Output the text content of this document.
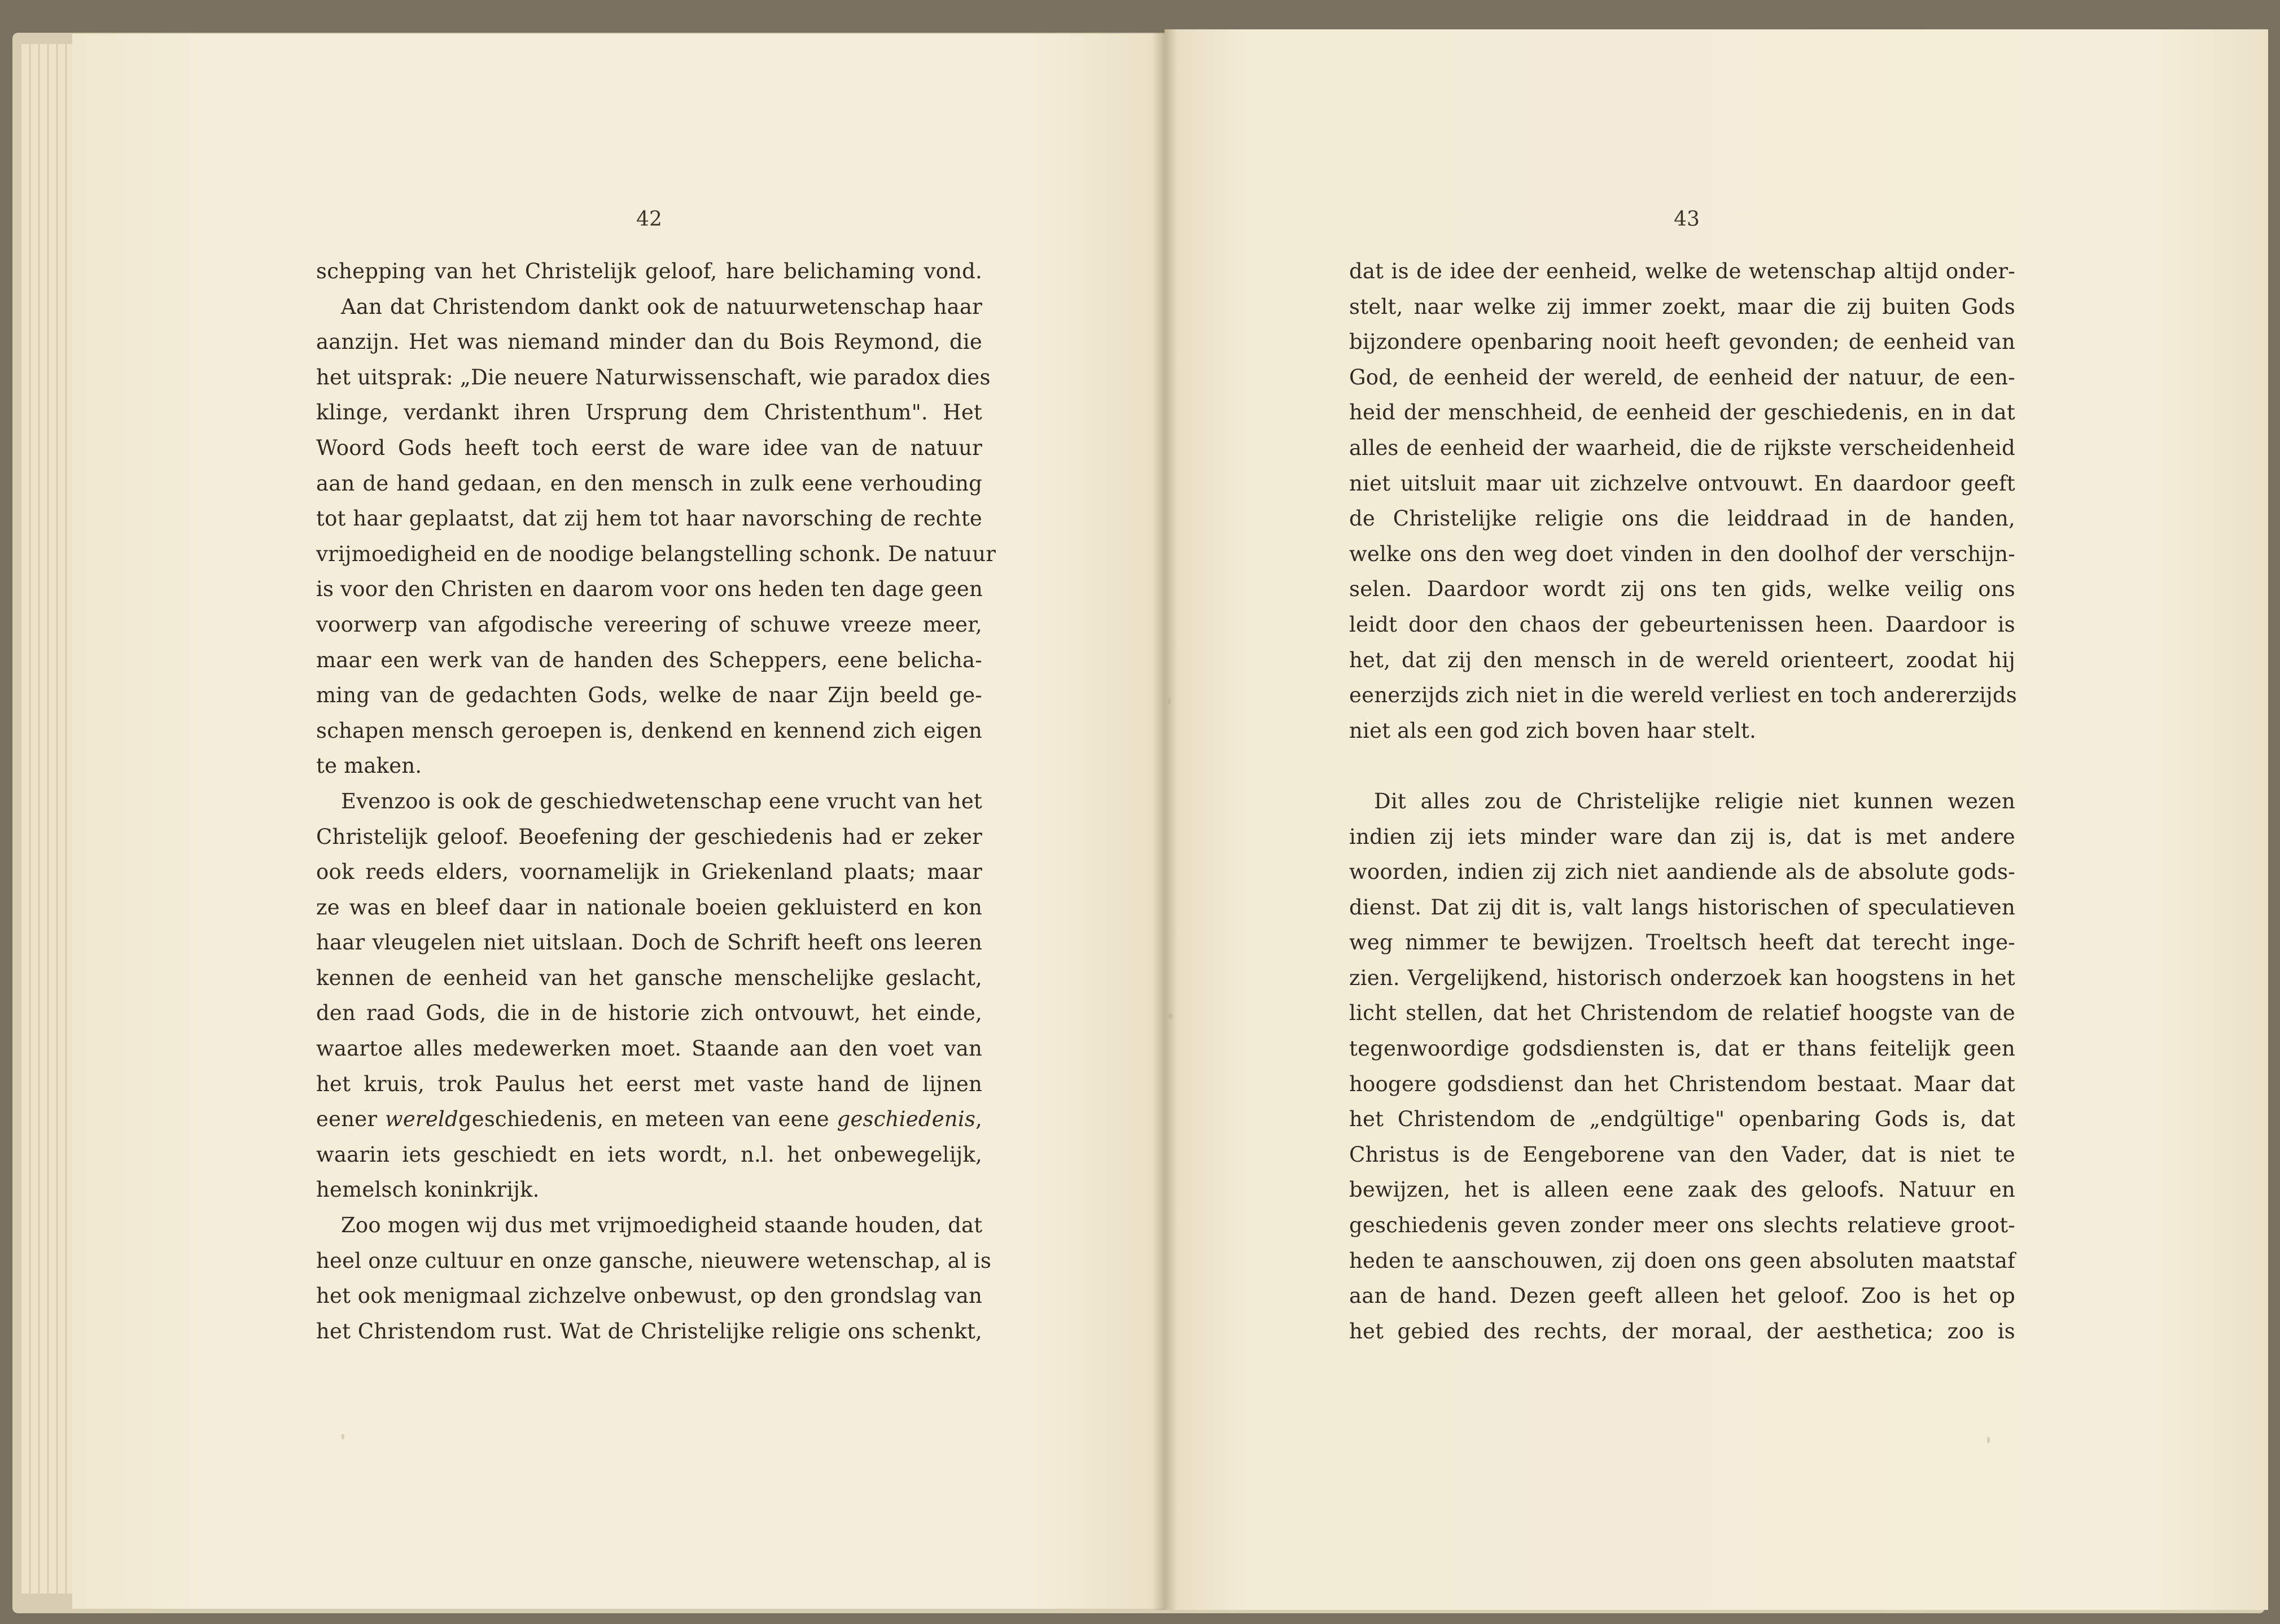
42	43
schepping van het Christelijk geloof, hare belichaming vond.
Aan dat Christendom dankt ook de natuurwetenschap haar
aanzijn. Het was niemand minder dan du Bois Reymond, die
het uitsprak: „Die neuere Naturwissenschaft, wie paradox dies
klinge, verdankt ihren Ursprung dem Christenthum". Het
Woord Gods heeft toch eerst de ware idee van de natuur
aan de hand gedaan, en den mensch in zulk eene verhouding
tot haar geplaatst, dat zij hem tot haar navorsching de rechte
vrijmoedigheid en de noodige belangstelling schonk. De natuur
is voor den Christen en daarom voor ons heden ten dage geen
voorwerp van afgodische vereering of schuwe vreeze meer,
maar een werk van de handen des Scheppers, eene belicha-
ming van de gedachten Gods, welke de naar Zijn beeld ge-
schapen mensch geroepen is, denkend en kennend zich eigen
te maken.
Evenzoo is ook de geschiedwetenschap eene vrucht van het
Christelijk geloof. Beoefening der geschiedenis had er zeker
ook reeds elders, voornamelijk in Griekenland plaats; maar
ze was en bleef daar in nationale boeien gekluisterd en kon
haar vleugelen niet uitslaan. Doch de Schrift heeft ons leeren
kennen de eenheid van het gansche menschelijke geslacht,
den raad Gods, die in de historie zich ontvouwt, het einde,
waartoe alles medewerken moet. Staande aan den voet van
het kruis, trok Paulus het eerst met vaste hand de lijnen
eener wereldgeschiedenis, en meteen van eene geschiedenis,
waarin iets geschiedt en iets wordt, n.l. het onbewegelijk,
hemelsch koninkrijk.
Zoo mogen wij dus met vrijmoedigheid staande houden, dat
heel onze cultuur en onze gansche, nieuwere wetenschap, al is
het ook menigmaal zichzelve onbewust, op den grondslag van
het Christendom rust. Wat de Christelijke religie ons schenkt,
dat is de idee der eenheid, welke de wetenschap altijd onder-
stelt, naar welke zij immer zoekt, maar die zij buiten Gods
bijzondere openbaring nooit heeft gevonden; de eenheid van
God, de eenheid der wereld, de eenheid der natuur, de een-
heid der menschheid, de eenheid der geschiedenis, en in dat
alles de eenheid der waarheid, die de rijkste verscheidenheid
niet uitsluit maar uit zichzelve ontvouwt. En daardoor geeft
de Christelijke religie ons die leiddraad in de handen,
welke ons den weg doet vinden in den doolhof der verschijn-
selen. Daardoor wordt zij ons ten gids, welke veilig ons
leidt door den chaos der gebeurtenissen heen. Daardoor is
het, dat zij den mensch in de wereld orienteert, zoodat hij
eenerzijds zich niet in die wereld verliest en toch andererzijds
niet als een god zich boven haar stelt.
Dit alles zou de Christelijke religie niet kunnen wezen
indien zij iets minder ware dan zij is, dat is met andere
woorden, indien zij zich niet aandiende als de absolute gods-
dienst. Dat zij dit is, valt langs historischen of speculatieven
weg nimmer te bewijzen. Troeltsch heeft dat terecht inge-
zien. Vergelijkend, historisch onderzoek kan hoogstens in het
licht stellen, dat het Christendom de relatief hoogste van de
tegenwoordige godsdiensten is, dat er thans feitelijk geen
hoogere godsdienst dan het Christendom bestaat. Maar dat
het Christendom de „endgültige" openbaring Gods is, dat
Christus is de Eengeborene van den Vader, dat is niet te
bewijzen, het is alleen eene zaak des geloofs. Natuur en
geschiedenis geven zonder meer ons slechts relatieve groot-
heden te aanschouwen, zij doen ons geen absoluten maatstaf
aan de hand. Dezen geeft alleen het geloof. Zoo is het op
het gebied des rechts, der moraal, der aesthetica; zoo is
